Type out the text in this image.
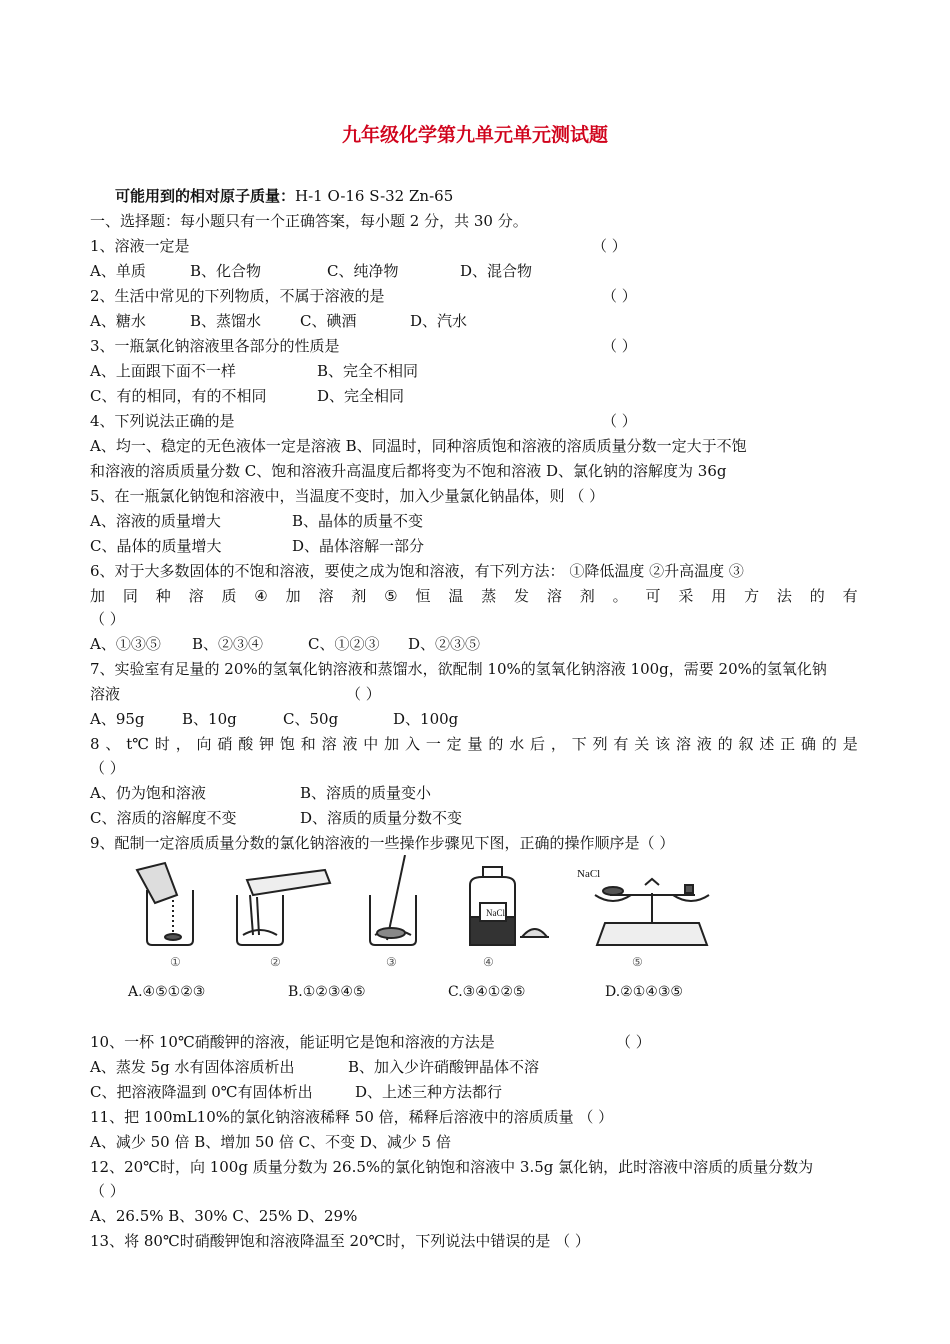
九年级化学第九单元单元测试题
可能用到的相对原子质量：H-1 O-16 S-32 Zn-65
一、选择题：每小题只有一个正确答案，每小题 2 分，共 30 分。
1、溶液一定是	（ ）
A、单质	B、化合物	C、纯净物	D、混合物
2、生活中常见的下列物质，不属于溶液的是	（ ）
A、糖水	B、蒸馏水	C、碘酒	D、汽水
3、一瓶氯化钠溶液里各部分的性质是	（ ）
A、上面跟下面不一样	B、完全不相同
C、有的相同，有的不相同	D、完全相同
4、下列说法正确的是	（ ）
A、均一、稳定的无色液体一定是溶液 B、同温时，同种溶质饱和溶液的溶质质量分数一定大于不饱
和溶液的溶质质量分数 C、饱和溶液升高温度后都将变为不饱和溶液 D、氯化钠的溶解度为 36g
5、在一瓶氯化钠饱和溶液中，当温度不变时，加入少量氯化钠晶体，则 （ ）
A、溶液的质量增大	B、晶体的质量不变
C、晶体的质量增大	D、晶体溶解一部分
6、对于大多数固体的不饱和溶液，要使之成为饱和溶液，有下列方法： ①降低温度 ②升高温度 ③
加 同 种 溶 质 ④ 加 溶 剂 ⑤ 恒 温 蒸 发 溶 剂 。 可 采 用 方 法 的 有
（ ）
A、①③⑤ B、②③④	C、①②③ D、②③⑤
7、实验室有足量的 20%的氢氧化钠溶液和蒸馏水，欲配制 10%的氢氧化钠溶液 100g，需要 20%的氢氧化钠
溶液	（ ）
A、95g B、10g	C、50g	D、100g
8 、 t℃ 时 ， 向 硝 酸 钾 饱 和 溶 液 中 加 入 一 定 量 的 水 后 ， 下 列 有 关 该 溶 液 的 叙 述 正 确 的 是
（ ）
A、仍为饱和溶液	B、溶质的质量变小
C、溶质的溶解度不变	D、溶质的质量分数不变
9、配制一定溶质质量分数的氯化钠溶液的一些操作步骤见下图，正确的操作顺序是（ ）
NaCl
NaCl
①	②	③	④	⑤
A.④⑤①②③	B.①②③④⑤	C.③④①②⑤	D.②①④③⑤
10、一杯 10℃硝酸钾的溶液，能证明它是饱和溶液的方法是	（ ）
A、蒸发 5g 水有固体溶质析出	B、加入少许硝酸钾晶体不溶
C、把溶液降温到 0℃有固体析出	D、上述三种方法都行
11、把 100mL10%的氯化钠溶液稀释 50 倍，稀释后溶液中的溶质质量 （ ）
A、减少 50 倍 B、增加 50 倍 C、不变 D、减少 5 倍
12、20℃时，向 100g 质量分数为 26.5%的氯化钠饱和溶液中 3.5g 氯化钠，此时溶液中溶质的质量分数为
（ ）
A、26.5% B、30% C、25% D、29%
13、将 80℃时硝酸钾饱和溶液降温至 20℃时，下列说法中错误的是 （ ）
